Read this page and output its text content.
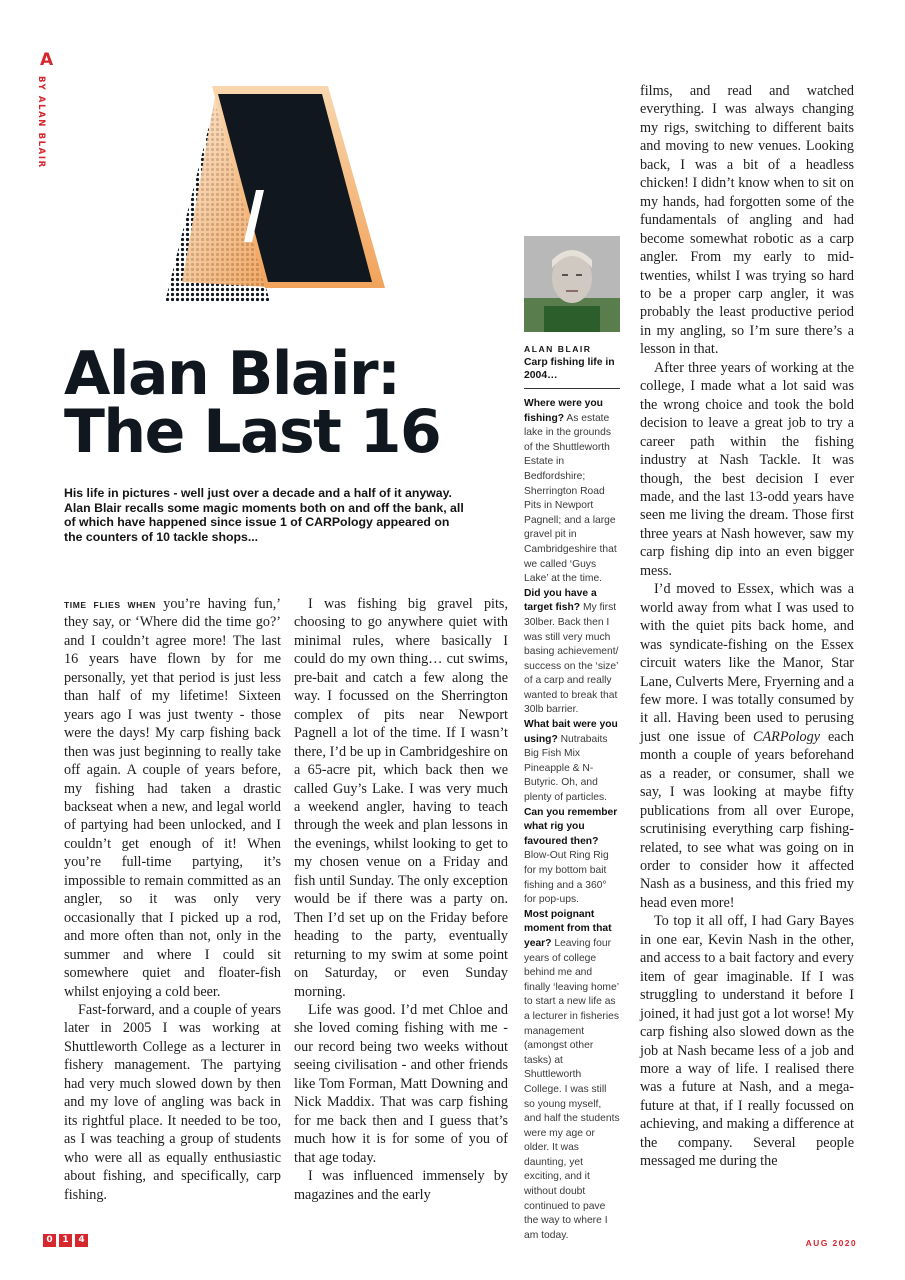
A
BY ALAN BLAIR
Alan Blair:
The Last 16

His life in pictures - well just over a decade and a half of it anyway. Alan Blair recalls some magic moments both on and off the bank, all of which have happened since issue 1 of CARPology appeared on the counters of 10 tackle shops...

TIME FLIES WHEN you’re having fun,’ they say, or ‘Where did the time go?’ and I couldn’t agree more! The last 16 years have flown by for me personally, yet that period is just less than half of my lifetime! Sixteen years ago I was just twenty - those were the days! My carp fishing back then was just beginning to really take off again. A couple of years before, my fishing had taken a drastic backseat when a new, and legal world of partying had been unlocked, and I couldn’t get enough of it! When you’re full-time partying, it’s impossible to remain committed as an angler, so it was only very occasionally that I picked up a rod, and more often than not, only in the summer and where I could sit somewhere quiet and floater-fish whilst enjoying a cold beer.

Fast-forward, and a couple of years later in 2005 I was working at Shuttleworth College as a lecturer in fishery management. The partying had very much slowed down by then and my love of angling was back in its rightful place. It needed to be too, as I was teaching a group of students who were all as equally enthusiastic about fishing, and specifically, carp fishing.

I was fishing big gravel pits, choosing to go anywhere quiet with minimal rules, where basically I could do my own thing… cut swims, pre-bait and catch a few along the way. I focussed on the Sherrington complex of pits near Newport Pagnell a lot of the time. If I wasn’t there, I’d be up in Cambridgeshire on a 65-acre pit, which back then we called Guy’s Lake. I was very much a weekend angler, having to teach through the week and plan lessons in the evenings, whilst looking to get to my chosen venue on a Friday and fish until Sunday. The only exception would be if there was a party on. Then I’d set up on the Friday before heading to the party, eventually returning to my swim at some point on Saturday, or even Sunday morning.

Life was good. I’d met Chloe and she loved coming fishing with me - our record being two weeks without seeing civilisation - and other friends like Tom Forman, Matt Downing and Nick Maddix. That was carp fishing for me back then and I guess that’s much how it is for some of you of that age today.

I was influenced immensely by magazines and the early

ALAN BLAIR
Carp fishing life in 2004…
Where were you fishing? As estate lake in the grounds of the Shuttleworth Estate in Bedfordshire; Sherrington Road Pits in Newport Pagnell; and a large gravel pit in Cambridgeshire that we called ‘Guys Lake’ at the time.
Did you have a target fish? My first 30lber. Back then I was still very much basing achievement/ success on the ‘size’ of a carp and really wanted to break that 30lb barrier.
What bait were you using? Nutrabaits Big Fish Mix Pineapple & N-Butyric. Oh, and plenty of particles.
Can you remember what rig you favoured then? Blow-Out Ring Rig for my bottom bait fishing and a 360° for pop-ups.
Most poignant moment from that year? Leaving four years of college behind me and finally ‘leaving home’ to start a new life as a lecturer in fisheries management (amongst other tasks) at Shuttleworth College. I was still so young myself, and half the students were my age or older. It was daunting, yet exciting, and it without doubt continued to pave the way to where I am today.

films, and read and watched everything. I was always changing my rigs, switching to different baits and moving to new venues. Looking back, I was a bit of a headless chicken! I didn’t know when to sit on my hands, had forgotten some of the fundamentals of angling and had become somewhat robotic as a carp angler. From my early to mid-twenties, whilst I was trying so hard to be a proper carp angler, it was probably the least productive period in my angling, so I’m sure there’s a lesson in that.

After three years of working at the college, I made what a lot said was the wrong choice and took the bold decision to leave a great job to try a career path within the fishing industry at Nash Tackle. It was though, the best decision I ever made, and the last 13-odd years have seen me living the dream. Those first three years at Nash however, saw my carp fishing dip into an even bigger mess.

I’d moved to Essex, which was a world away from what I was used to with the quiet pits back home, and was syndicate-fishing on the Essex circuit waters like the Manor, Star Lane, Culverts Mere, Fryerning and a few more. I was totally consumed by it all. Having been used to perusing just one issue of CARPology each month a couple of years beforehand as a reader, or consumer, shall we say, I was looking at maybe fifty publications from all over Europe, scrutinising everything carp fishing-related, to see what was going on in order to consider how it affected Nash as a business, and this fried my head even more!

To top it all off, I had Gary Bayes in one ear, Kevin Nash in the other, and access to a bait factory and every item of gear imaginable. If I was struggling to understand it before I joined, it had just got a lot worse! My carp fishing also slowed down as the job at Nash became less of a job and more a way of life. I realised there was a future at Nash, and a mega-future at that, if I really focussed on achieving, and making a difference at the company. Several people messaged me during the

0	1	4	AUG 2020
